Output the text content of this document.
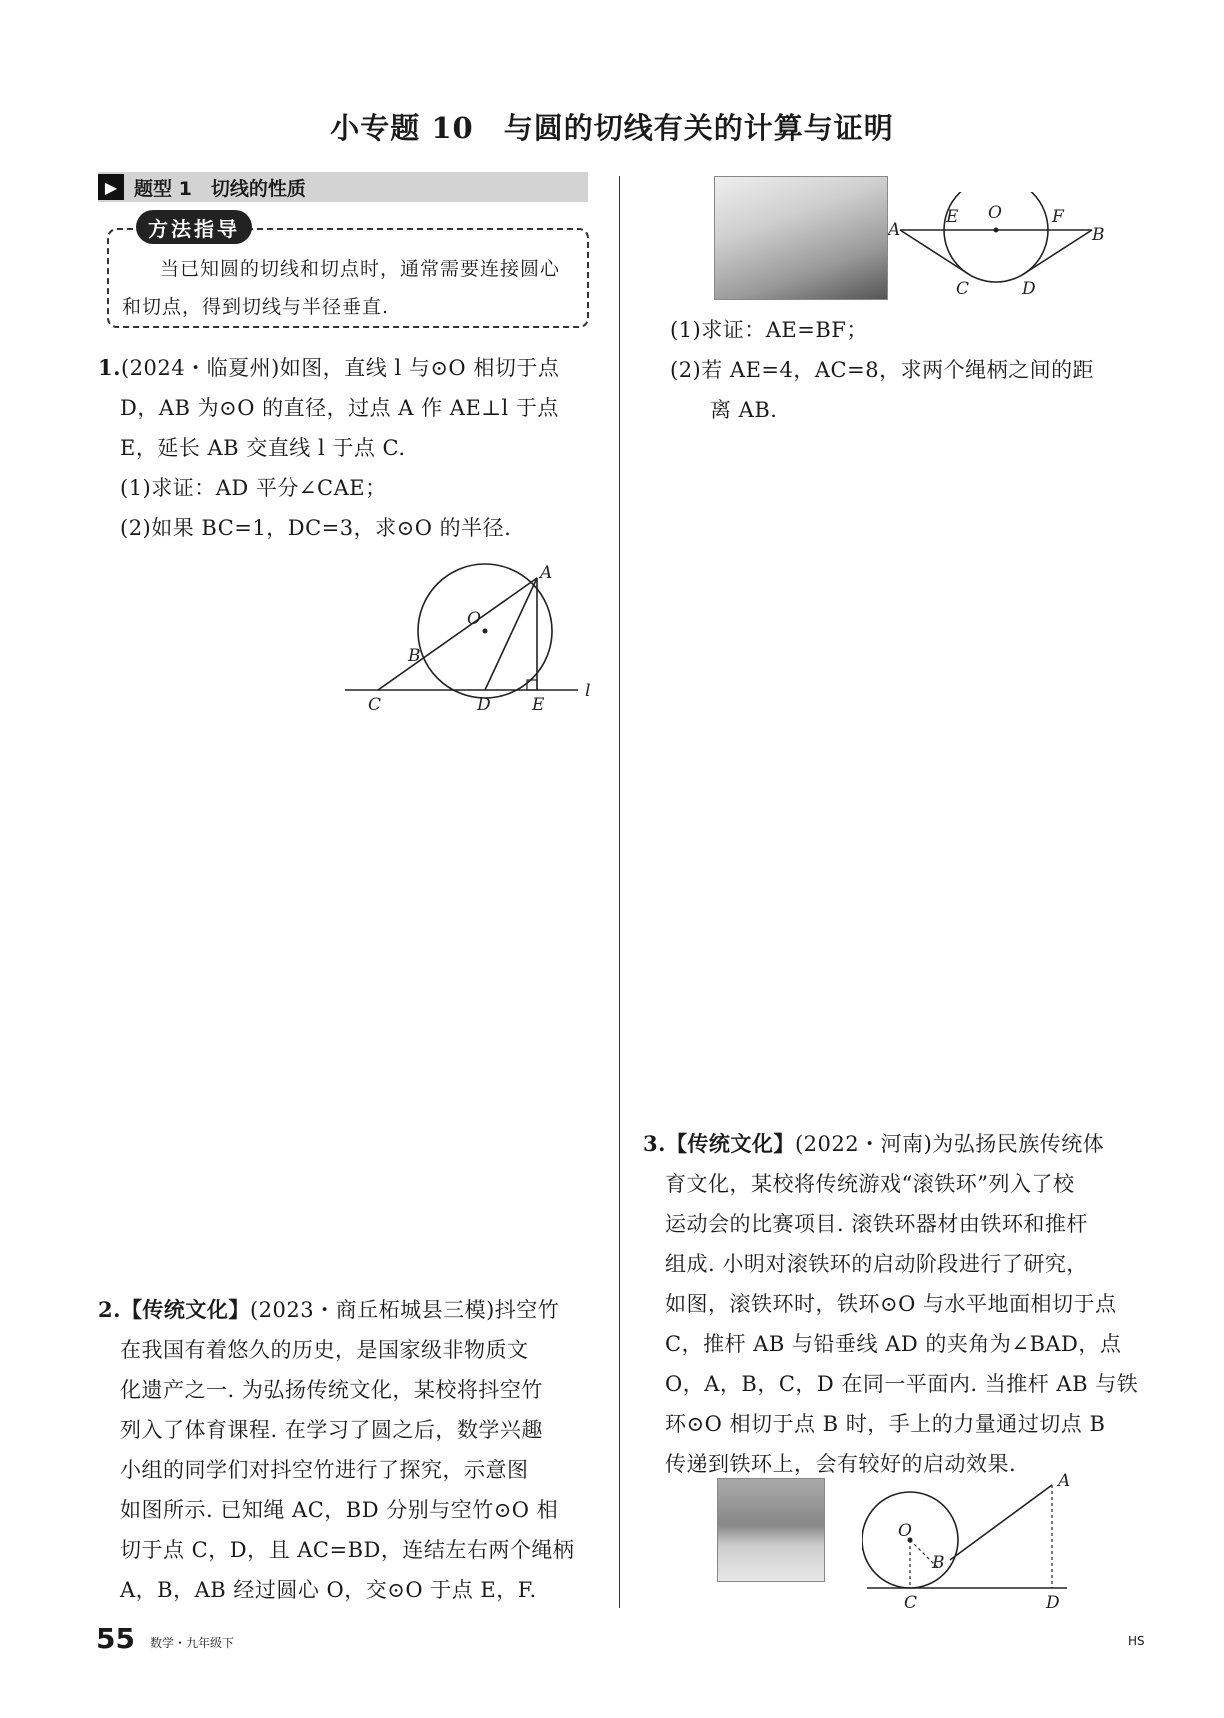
小专题 10　与圆的切线有关的计算与证明
▶ 题型 1　切线的性质
方法指导
当已知圆的切线和切点时，通常需要连接圆心和切点，得到切线与半径垂直.
1.(2024・临夏州)如图，直线 l 与⊙O 相切于点
D，AB 为⊙O 的直径，过点 A 作 AE⊥l 于点
E，延长 AB 交直线 l 于点 C.
(1)求证：AD 平分∠CAE；
(2)如果 BC=1，DC=3，求⊙O 的半径.
A
O
B
C	D E
l
2.【传统文化】(2023・商丘柘城县三模)抖空竹
在我国有着悠久的历史，是国家级非物质文
化遗产之一. 为弘扬传统文化，某校将抖空竹
列入了体育课程. 在学习了圆之后，数学兴趣
小组的同学们对抖空竹进行了探究，示意图
如图所示. 已知绳 AC，BD 分别与空竹⊙O 相
切于点 C，D，且 AC=BD，连结左右两个绳柄
A，B，AB 经过圆心 O，交⊙O 于点 E，F.
A
E O	F
B
C	D
(1)求证：AE=BF；
(2)若 AE=4，AC=8，求两个绳柄之间的距
离 AB.
3.【传统文化】(2022・河南)为弘扬民族传统体
育文化，某校将传统游戏“滚铁环”列入了校
运动会的比赛项目. 滚铁环器材由铁环和推杆
组成. 小明对滚铁环的启动阶段进行了研究，
如图，滚铁环时，铁环⊙O 与水平地面相切于点
C，推杆 AB 与铅垂线 AD 的夹角为∠BAD，点
O，A，B，C，D 在同一平面内. 当推杆 AB 与铁
环⊙O 相切于点 B 时，手上的力量通过切点 B
传递到铁环上，会有较好的启动效果.
A
O
B
C	D
55 数学・九年级下	HS
